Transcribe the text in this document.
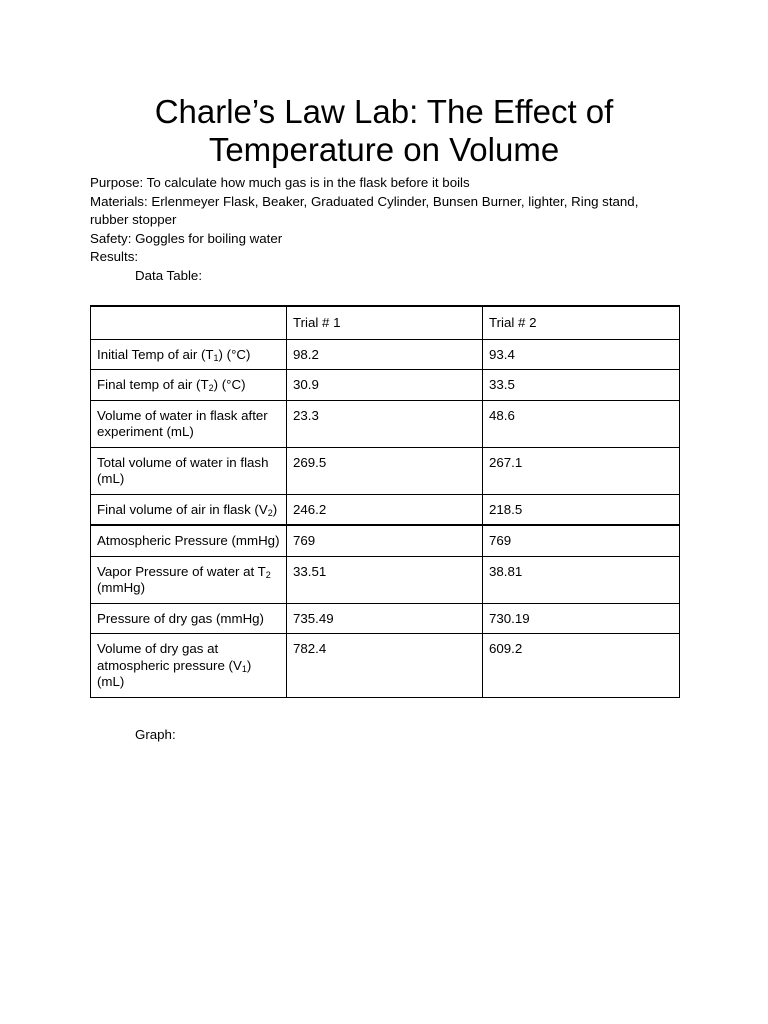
Charle’s Law Lab: The Effect of
Temperature on Volume

Purpose: To calculate how much gas is in the flask before it boils

Materials: Erlenmeyer Flask, Beaker, Graduated Cylinder, Bunsen Burner, lighter, Ring stand, rubber stopper

Safety: Goggles for boiling water

Results:

Data Table:

	Trial # 1	Trial # 2
Initial Temp of air $(T_1)$ (°C)	98.2	93.4
Final temp of air $(T_2)$ (°C)	30.9	33.5
Volume of water in flask after experiment (mL)	23.3	48.6
Total volume of water in flash (mL)	269.5	267.1
Final volume of air in flask $(V_2)$	246.2	218.5
Atmospheric Pressure (mmHg)	769	769
Vapor Pressure of water at $T_2$ (mmHg)	33.51	38.81
Pressure of dry gas (mmHg)	735.49	730.19
Volume of dry gas at atmospheric pressure $(V_1)$ (mL)	782.4	609.2
Graph:
